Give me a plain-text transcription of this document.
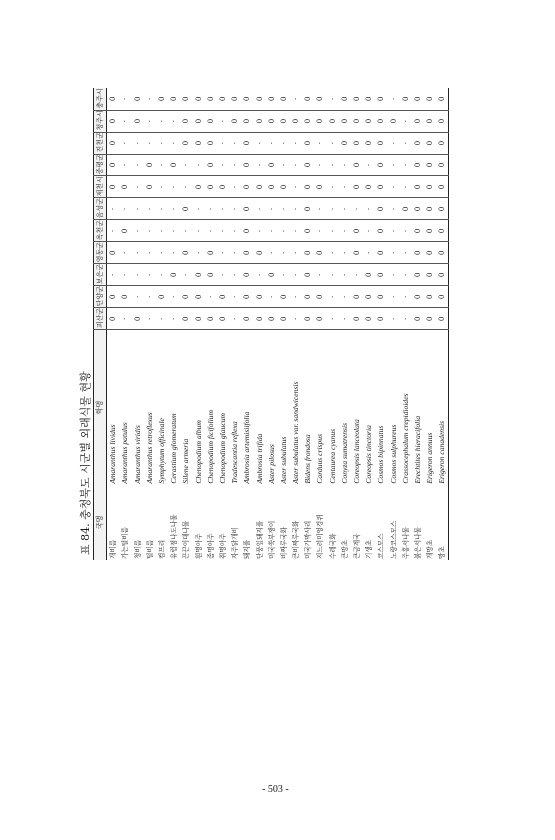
표 84. 충청북도 시군별 외래식물 현황 국명	학명	괴산군	단양군	보은군	영동군	옥천군	음성군	제천시	증평군	진천군	청주시	충주시
개비름	Amaranthus lividus	0	0	·	0	·	·	0	0	0	0	0
가는털비름	Amaranthus patulus	·	0	·	·	0	·	0	·	·	·	·
청비름	Amaranthus viridis	0	·	·	·	·	·	·	·	·	0	0
털비름	Amaranthus retroflexus	·	·	·	·	·	·	0	0	·	·	·
컴프리	Symphytum officinale	·	0	·	·	·	·	·	·	·	·	0
유럽점나도나물	Cerastium glomeratum	·	·	0	·	·	·	·	0	·	·	0
끈끈이대나물	Silene armeria	0	0	·	0	·	0	·	·	0	0	0
흰명아주	Chenopodium album	0	0	0	·	·	·	0	·	0	0	0
좀명아주	Chenopodium ficifolium	0	·	0	0	·	·	0	0	0	0	0
취명아주	Chenopodium glaucum	0	0	·	·	·	·	0	·	·	·	0
자주닭개비	Tradescantia reflexa	·	·	·	·	·	·	·	·	·	0	0
돼지풀	Ambrosia artemisiifolia	0	0	0	0	0	0	0	0	0	0	0
단풍잎돼지풀	Ambrosia trifida	0	0	·	0	·	·	0	·	·	0	0
미국쑥부쟁이	Aster pilosus	0	·	0	·	·	·	0	0	·	0	0
비짜루국화	Aster subulatus	0	0	·	·	·	·	0	·	·	0	0
큰비짜루국화	Aster subulatus var. sandwicensis	·	·	·	·	·	·	·	·	·	0	·
미국가막사리	Bidens frondosa	0	0	0	0	0	0	0	0	0	0	0
지느러미엉겅퀴	Carduus crispus	0	0	·	0	·	·	0	·	·	0	0
수레국화	Centaurea cyanus	·	·	·	·	·	·	·	·	·	0	·
큰망초	Conyza sumatrensis	·	·	·	·	·	·	·	·	0	0	0
큰금계국	Coreopsis lanceolata	0	0	·	0	0	·	0	0	0	0	0
기생초	Coreopsis tinctoria	0	0	0	·	·	·	0	·	0	0	0
코스모스	Cosmos bipinnatus	0	0	0	0	0	0	0	0	0	0	0
노랑코스모스	Cosmos sulphureus	·	·	·	·	·	·	·	·	·	0	·
주홍서나물	Crassocephalum crepidioides	·	·	·	·	·	0	·	·	·	·	0
붉은서나물	Erechtites hieracifolia	0	0	0	0	0	0	0	0	0	0	0
개망초	Erigeron annuus	0	0	0	0	0	0	0	0	0	0	0
망초	Erigeron canadensis	0	0	0	0	0	0	0	0	0	0	0
- 503 -
